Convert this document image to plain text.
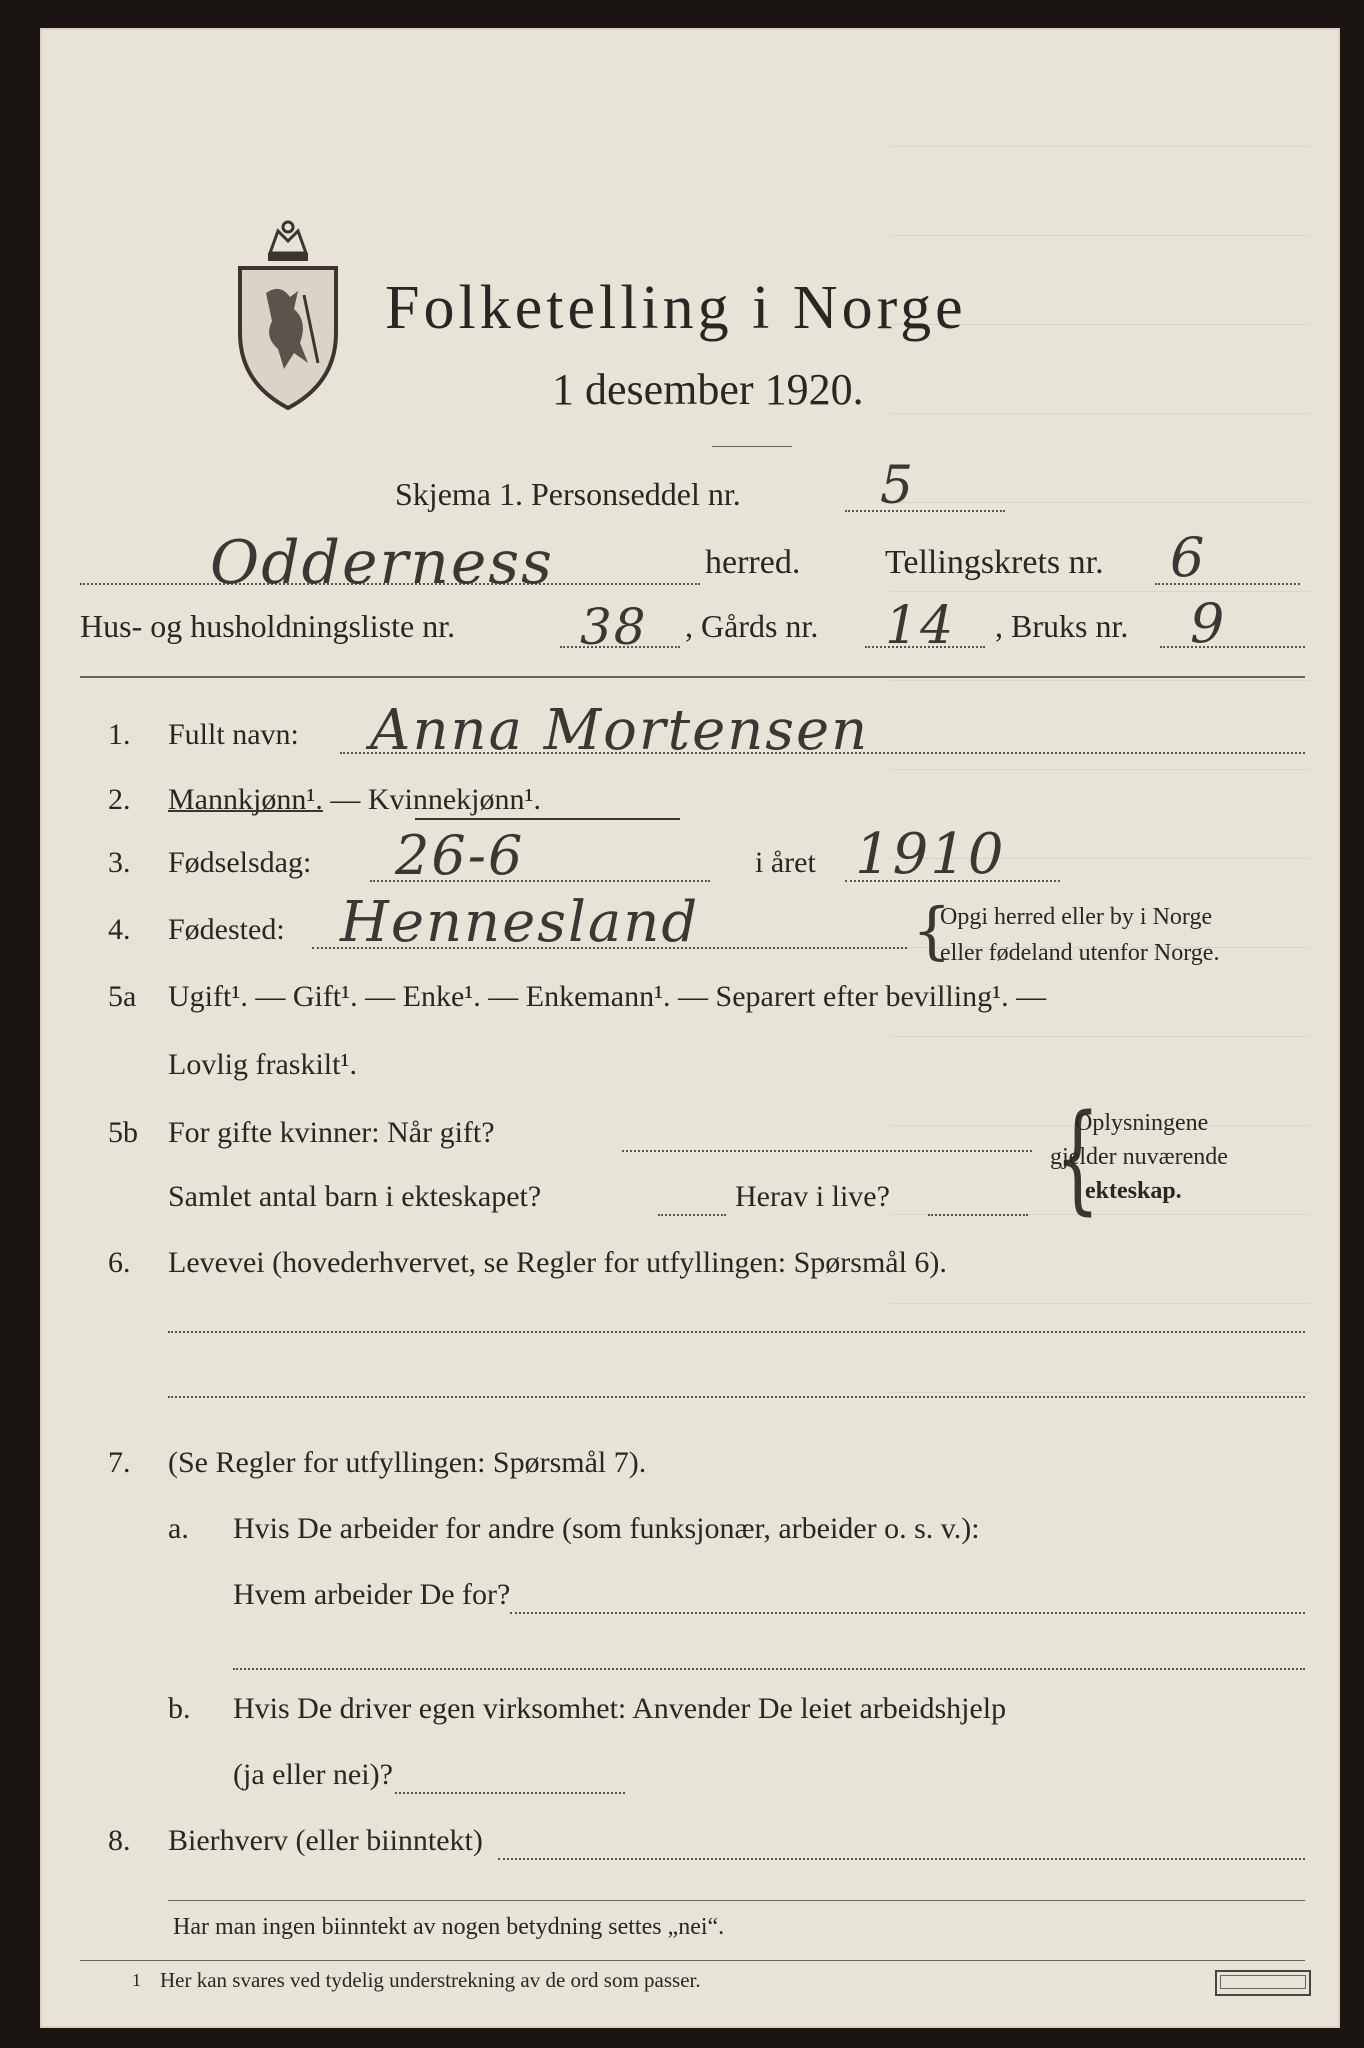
Folketelling i Norge
1 desember 1920.
Skjema 1. Personseddel nr.	5
Odderness	herred. Tellingskrets nr. 6
Hus- og husholdningsliste nr. 38 , Gårds nr. 14 , Bruks nr. 9
1. Fullt navn: Anna Mortensen
2. Mannkjønn¹. — Kvinnekjønn¹.
3. Fødselsdag: 26-6	i året 1910
4. Fødested: Hennesland	{
Opgi herred eller by i Norge
eller fødeland utenfor Norge.
5a Ugift¹. — Gift¹. — Enke¹. — Enkemann¹. — Separert efter bevilling¹. —
Lovlig fraskilt¹.
5b For gifte kvinner: Når gift?
Samlet antal barn i ekteskapet?	Herav i live? {
Oplysningene
gjelder nuværende
ekteskap.
6. Levevei (hovederhvervet, se Regler for utfyllingen: Spørsmål 6).
7. (Se Regler for utfyllingen: Spørsmål 7).
a. Hvis De arbeider for andre (som funksjonær, arbeider o. s. v.):
Hvem arbeider De for?
b. Hvis De driver egen virksomhet: Anvender De leiet arbeidshjelp
(ja eller nei)?
8. Bierhverv (eller biinntekt)
Har man ingen biinntekt av nogen betydning settes „nei“.
1 Her kan svares ved tydelig understrekning av de ord som passer.
